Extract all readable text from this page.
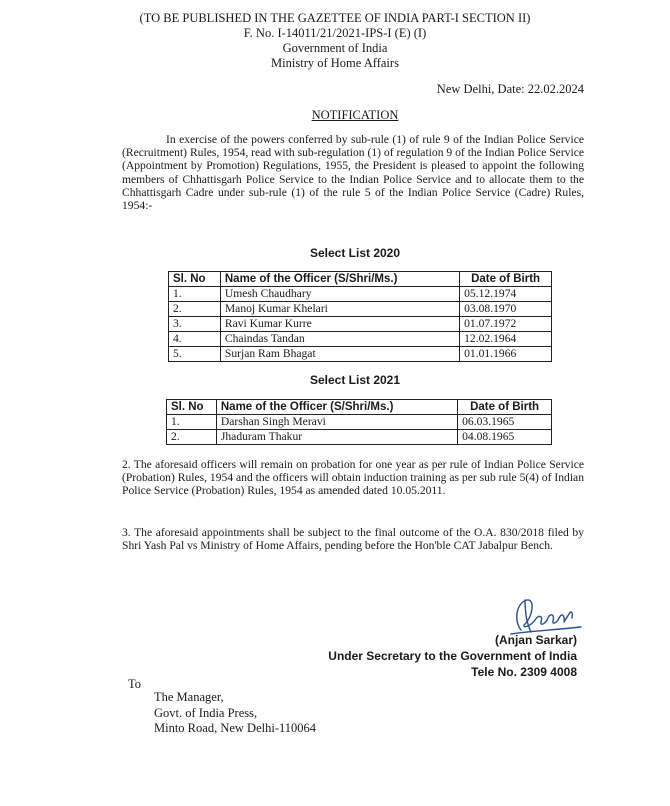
(TO BE PUBLISHED IN THE GAZETTEE OF INDIA PART-I SECTION II)
F. No. I-14011/21/2021-IPS-I (E) (I)
Government of India
Ministry of Home Affairs
New Delhi, Date: 22.02.2024
NOTIFICATION
In exercise of the powers conferred by sub-rule (1) of rule 9 of the Indian Police Service (Recruitment) Rules, 1954, read with sub-regulation (1) of regulation 9 of the Indian Police Service (Appointment by Promotion) Regulations, 1955, the President is pleased to appoint the following members of Chhattisgarh Police Service to the Indian Police Service and to allocate them to the Chhattisgarh Cadre under sub-rule (1) of the rule 5 of the Indian Police Service (Cadre) Rules, 1954:-
Select List 2020
Sl. No	Name of the Officer (S/Shri/Ms.)	Date of Birth
1.	Umesh Chaudhary	05.12.1974
2.	Manoj Kumar Khelari	03.08.1970
3.	Ravi Kumar Kurre	01.07.1972
4.	Chaindas Tandan	12.02.1964
5.	Surjan Ram Bhagat	01.01.1966
Select List 2021
Sl. No	Name of the Officer (S/Shri/Ms.)	Date of Birth
1.	Darshan Singh Meravi	06.03.1965
2.	Jhaduram Thakur	04.08.1965
2. The aforesaid officers will remain on probation for one year as per rule of Indian Police Service (Probation) Rules, 1954 and the officers will obtain induction training as per sub rule 5(4) of Indian Police Service (Probation) Rules, 1954 as amended dated 10.05.2011.
3. The aforesaid appointments shall be subject to the final outcome of the O.A. 830/2018 filed by Shri Yash Pal vs Ministry of Home Affairs, pending before the Hon'ble CAT Jabalpur Bench.
(Anjan Sarkar)
Under Secretary to the Government of India
Tele No. 2309 4008
To
The Manager,
Govt. of India Press,
Minto Road, New Delhi-110064
